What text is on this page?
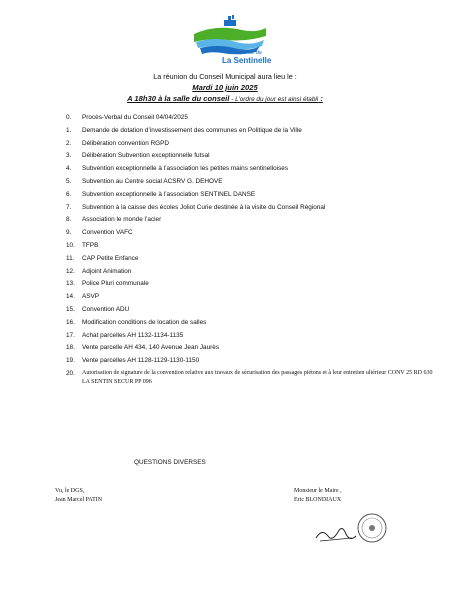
Ville de
La Sentinelle
La réunion du Conseil Municipal aura lieu le :
Mardi 10 juin 2025
A 18h30 à la salle du conseil - L’ordre du jour est ainsi établi :
0.	Procès-Verbal du Conseil 04/04/2025
1.	Demande de dotation d’investissement des communes en Politique de la Ville
2.	Délibération convention RGPD
3.	Délibération Subvention exceptionnelle futsal
4.	Subvention exceptionnelle à l’association les petites mains sentinelloises
5.	Subvention au Centre social ACSRV G. DEHOVE
6.	Subvention exceptionnelle à l’association SENTINEL DANSE
7.	Subvention à la caisse des écoles Joliot Curie destinée à la visite du Conseil Régional
8.	Association le monde l’acier
9.	Convention VAFC
10.	TFPB
11.	CAP Petite Enfance
12.	Adjoint Animation
13.	Police Pluri communale
14.	ASVP
15.	Convention ADU
16.	Modification conditions de location de salles
17.	Achat parcelles AH 1132-1134-1135
18.	Vente parcelle AH 434, 140 Avenue Jean Jaurès
19.	Vente parcelles AH 1128-1129-1130-1150
20.	Autorisation de signature de la convention relative aux travaux de sécurisation des passages piétons et à leur entretien ultérieur CONV 25 RD 630 LA SENTIN SECUR PP 096
QUESTIONS DIVERSES
Vu, le DGS,
Jean Marcel PATIN
Monsieur le Maire ,
Eric BLONDIAUX
